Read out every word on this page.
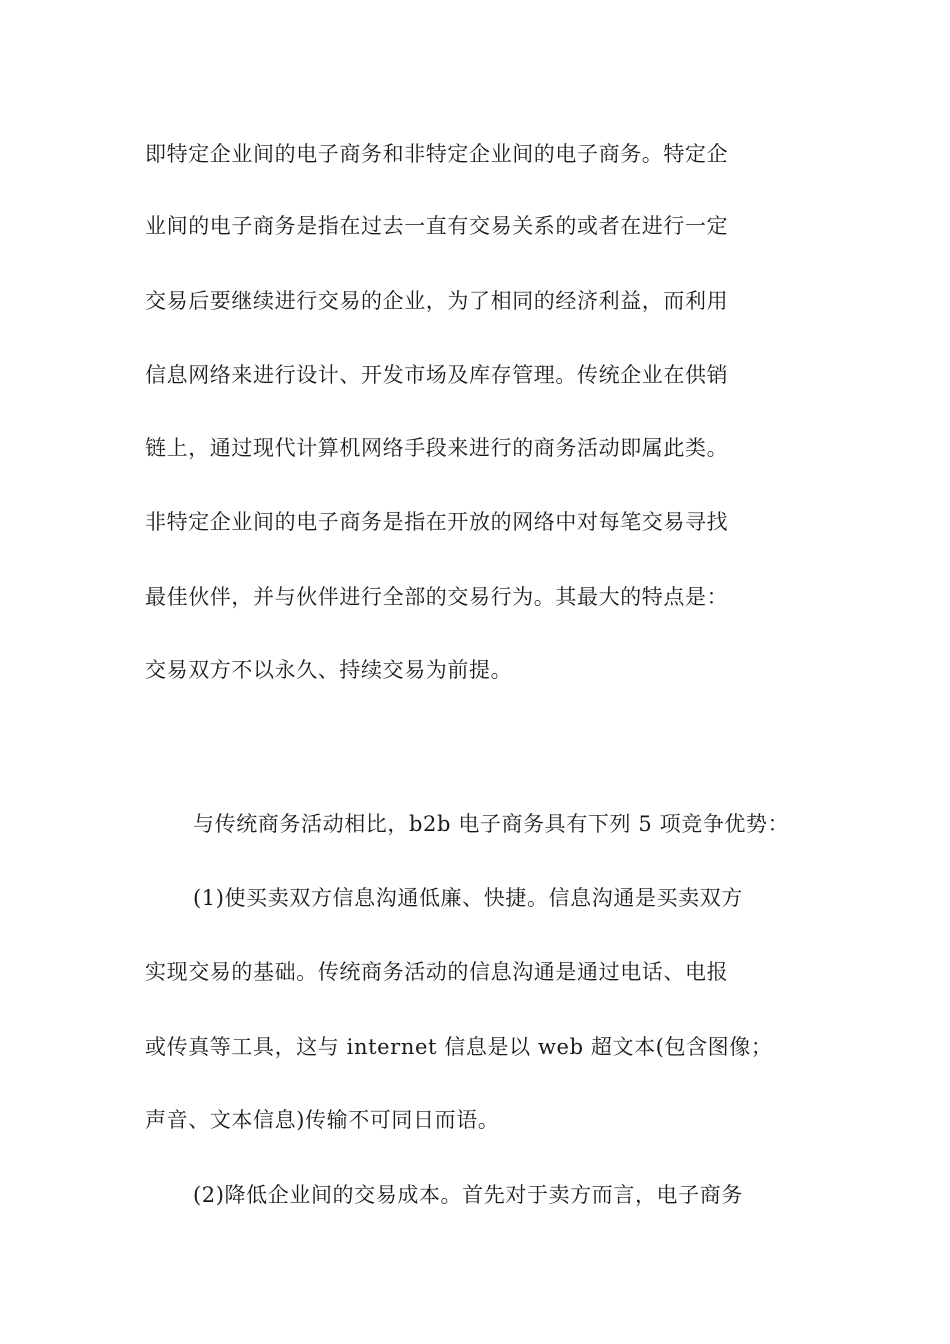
即特定企业间的电子商务和非特定企业间的电子商务。特定企
业间的电子商务是指在过去一直有交易关系的或者在进行一定
交易后要继续进行交易的企业，为了相同的经济利益，而利用
信息网络来进行设计、开发市场及库存管理。传统企业在供销
链上，通过现代计算机网络手段来进行的商务活动即属此类。
非特定企业间的电子商务是指在开放的网络中对每笔交易寻找
最佳伙伴，并与伙伴进行全部的交易行为。其最大的特点是：
交易双方不以永久、持续交易为前提。
与传统商务活动相比，b2b 电子商务具有下列 5 项竞争优势：
(1)使买卖双方信息沟通低廉、快捷。信息沟通是买卖双方
实现交易的基础。传统商务活动的信息沟通是通过电话、电报
或传真等工具，这与 internet 信息是以 web 超文本(包含图像；
声音、文本信息)传输不可同日而语。
(2)降低企业间的交易成本。首先对于卖方而言，电子商务
